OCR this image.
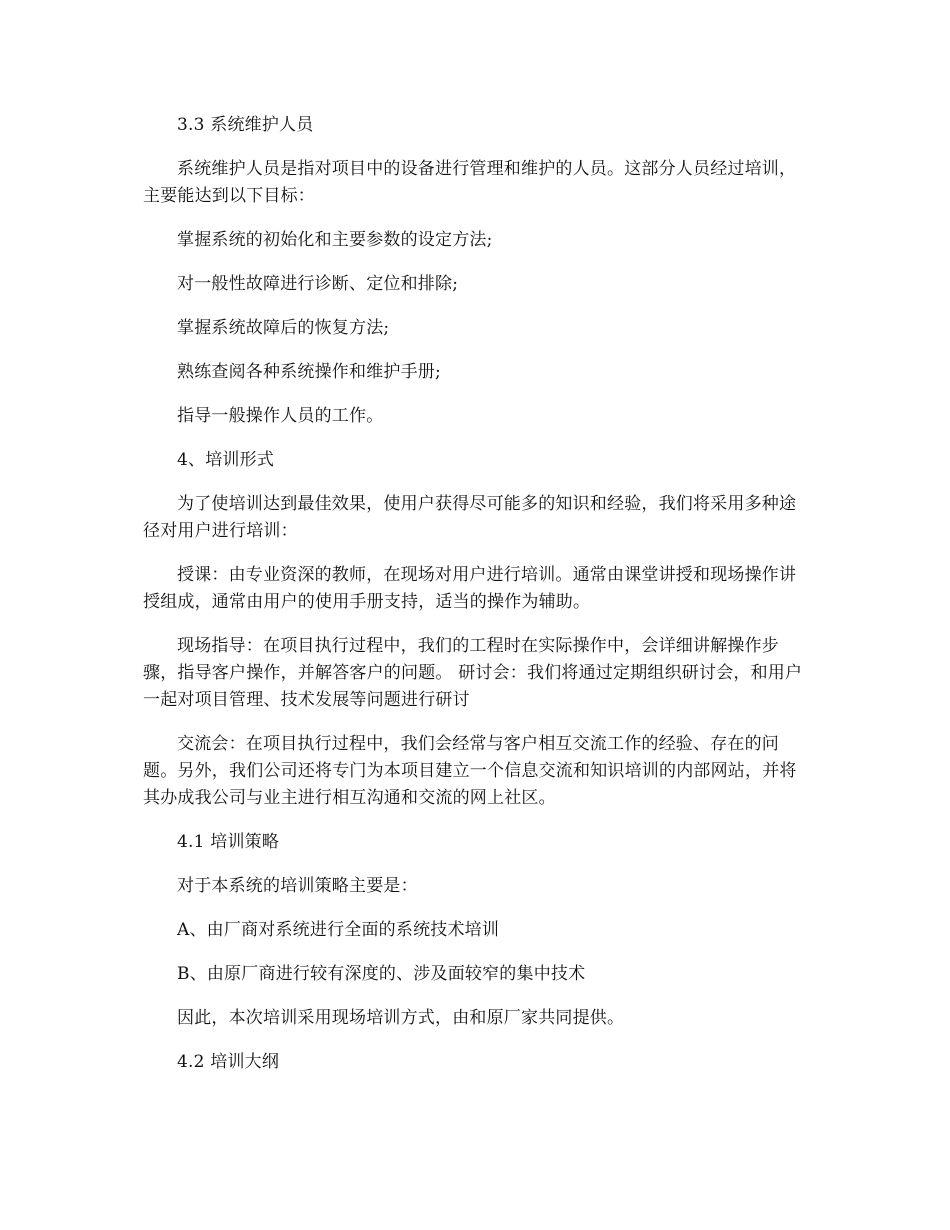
3.3 系统维护人员

系统维护人员是指对项目中的设备进行管理和维护的人员。这部分人员经过培训，主要能达到以下目标：

掌握系统的初始化和主要参数的设定方法;

对一般性故障进行诊断、定位和排除;

掌握系统故障后的恢复方法;

熟练查阅各种系统操作和维护手册;

指导一般操作人员的工作。

4、培训形式

为了使培训达到最佳效果，使用户获得尽可能多的知识和经验，我们将采用多种途径对用户进行培训：

授课：由专业资深的教师，在现场对用户进行培训。通常由课堂讲授和现场操作讲授组成，通常由用户的使用手册支持，适当的操作为辅助。

现场指导：在项目执行过程中，我们的工程时在实际操作中，会详细讲解操作步骤，指导客户操作，并解答客户的问题。 研讨会：我们将通过定期组织研讨会，和用户一起对项目管理、技术发展等问题进行研讨

交流会：在项目执行过程中，我们会经常与客户相互交流工作的经验、存在的问题。另外，我们公司还将专门为本项目建立一个信息交流和知识培训的内部网站，并将其办成我公司与业主进行相互沟通和交流的网上社区。

4.1 培训策略

对于本系统的培训策略主要是：

A、由厂商对系统进行全面的系统技术培训

B、由原厂商进行较有深度的、涉及面较窄的集中技术

因此，本次培训采用现场培训方式，由和原厂家共同提供。

4.2 培训大纲
